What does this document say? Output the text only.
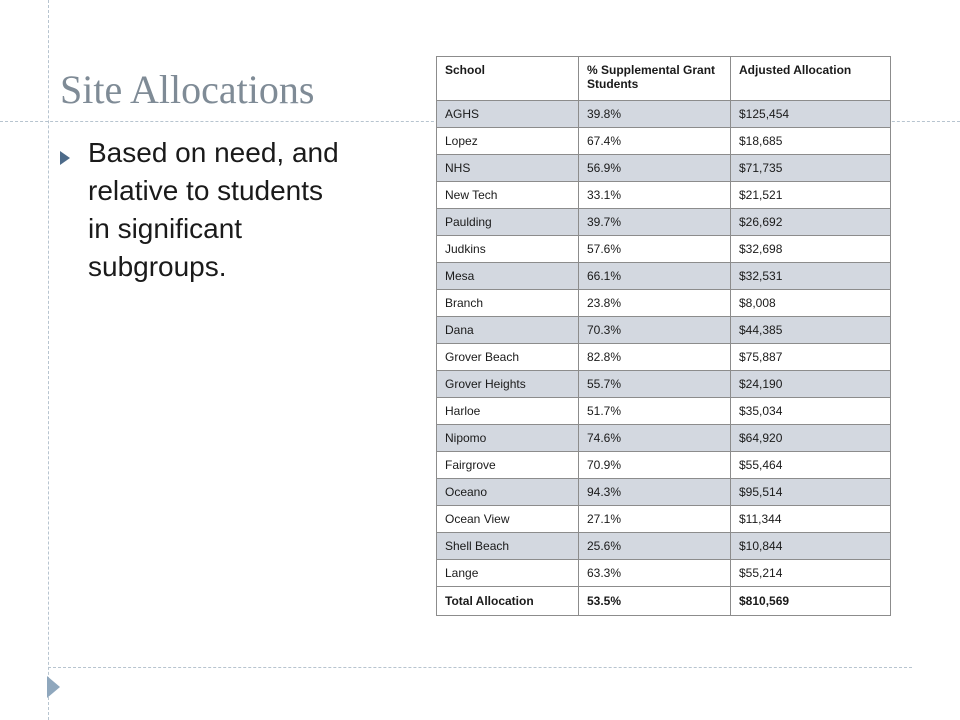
Site Allocations
Based on need, and relative to students in significant subgroups.
School	% Supplemental Grant Students	Adjusted Allocation
AGHS	39.8%	$125,454
Lopez	67.4%	$18,685
NHS	56.9%	$71,735
New Tech	33.1%	$21,521
Paulding	39.7%	$26,692
Judkins	57.6%	$32,698
Mesa	66.1%	$32,531
Branch	23.8%	$8,008
Dana	70.3%	$44,385
Grover Beach	82.8%	$75,887
Grover Heights	55.7%	$24,190
Harloe	51.7%	$35,034
Nipomo	74.6%	$64,920
Fairgrove	70.9%	$55,464
Oceano	94.3%	$95,514
Ocean View	27.1%	$11,344
Shell Beach	25.6%	$10,844
Lange	63.3%	$55,214
Total Allocation	53.5%	$810,569
